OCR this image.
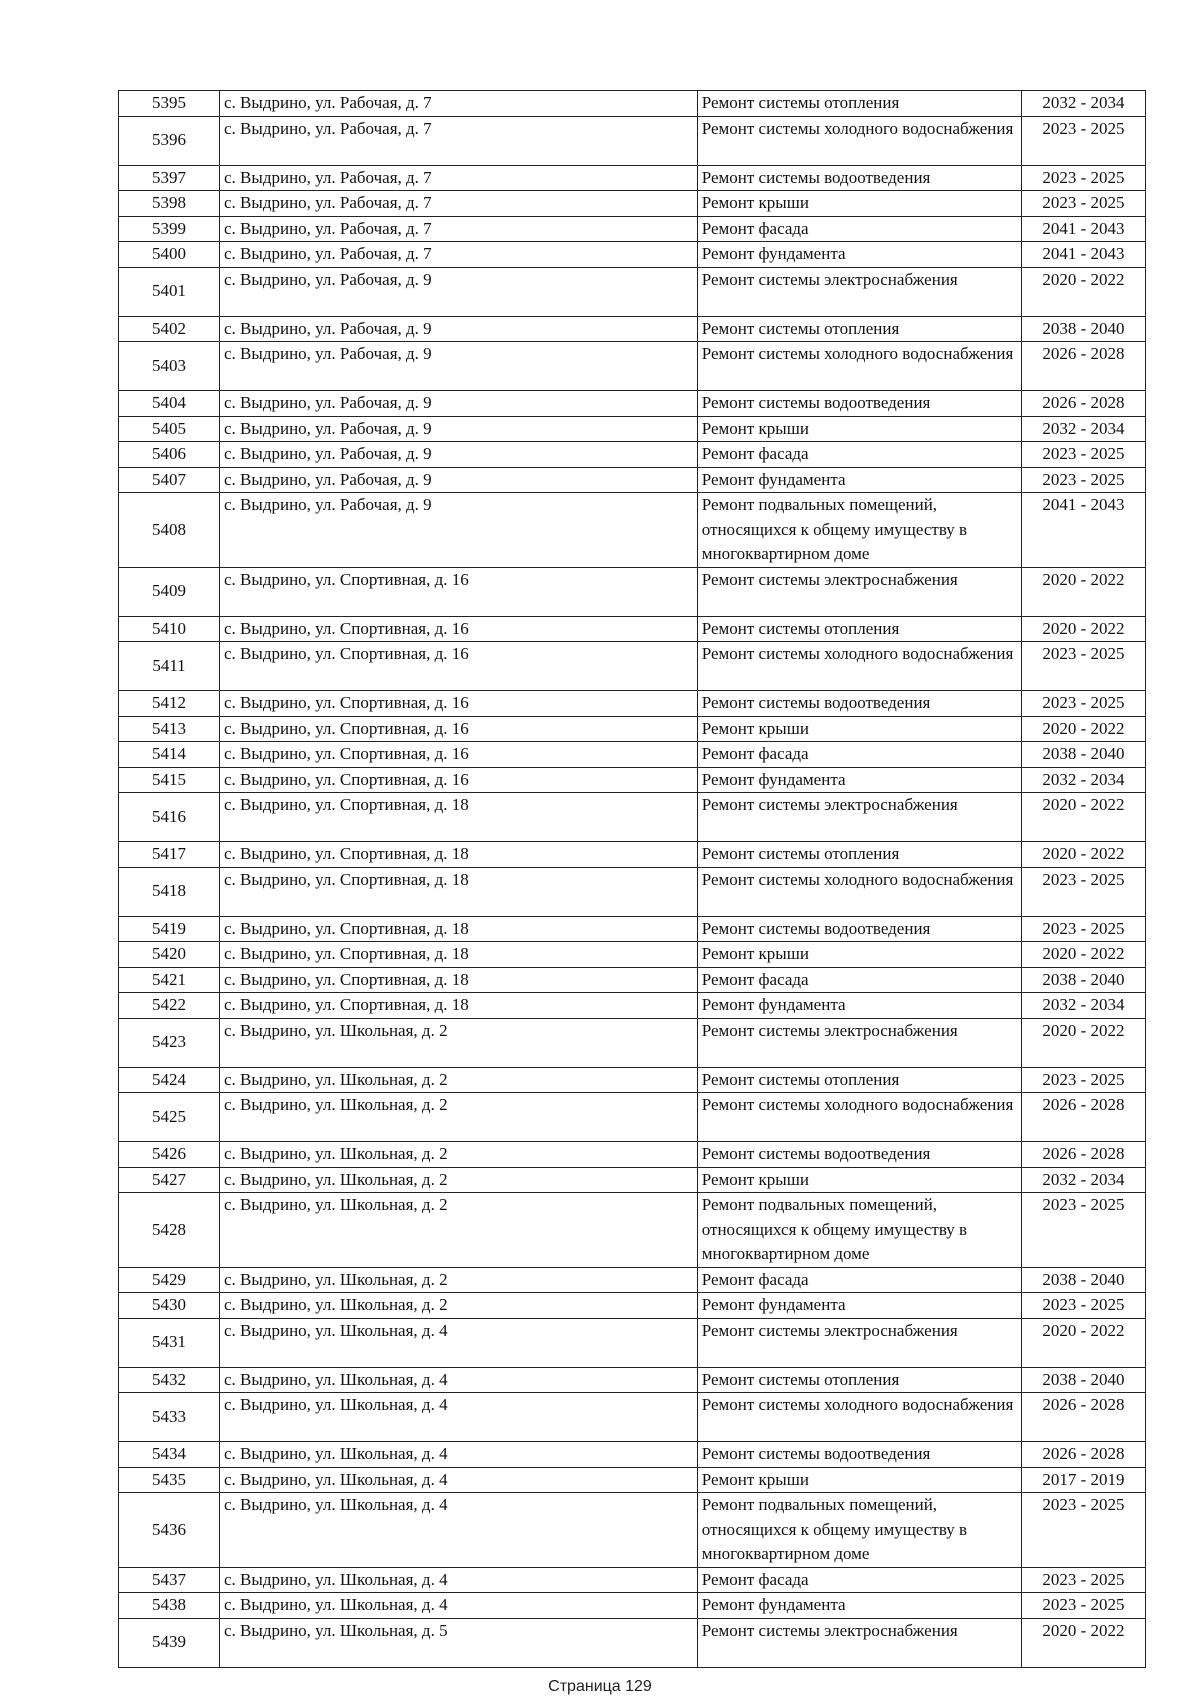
5395	с. Выдрино, ул. Рабочая, д. 7	Ремонт системы отопления	2032 - 2034
5396	с. Выдрино, ул. Рабочая, д. 7	Ремонт системы холодного водоснабжения	2023 - 2025
5397	с. Выдрино, ул. Рабочая, д. 7	Ремонт системы водоотведения	2023 - 2025
5398	с. Выдрино, ул. Рабочая, д. 7	Ремонт крыши	2023 - 2025
5399	с. Выдрино, ул. Рабочая, д. 7	Ремонт фасада	2041 - 2043
5400	с. Выдрино, ул. Рабочая, д. 7	Ремонт фундамента	2041 - 2043
5401	с. Выдрино, ул. Рабочая, д. 9	Ремонт системы электроснабжения	2020 - 2022
5402	с. Выдрино, ул. Рабочая, д. 9	Ремонт системы отопления	2038 - 2040
5403	с. Выдрино, ул. Рабочая, д. 9	Ремонт системы холодного водоснабжения	2026 - 2028
5404	с. Выдрино, ул. Рабочая, д. 9	Ремонт системы водоотведения	2026 - 2028
5405	с. Выдрино, ул. Рабочая, д. 9	Ремонт крыши	2032 - 2034
5406	с. Выдрино, ул. Рабочая, д. 9	Ремонт фасада	2023 - 2025
5407	с. Выдрино, ул. Рабочая, д. 9	Ремонт фундамента	2023 - 2025
5408	с. Выдрино, ул. Рабочая, д. 9	Ремонт подвальных помещений, относящихся к общему имуществу в многоквартирном доме	2041 - 2043
5409	с. Выдрино, ул. Спортивная, д. 16	Ремонт системы электроснабжения	2020 - 2022
5410	с. Выдрино, ул. Спортивная, д. 16	Ремонт системы отопления	2020 - 2022
5411	с. Выдрино, ул. Спортивная, д. 16	Ремонт системы холодного водоснабжения	2023 - 2025
5412	с. Выдрино, ул. Спортивная, д. 16	Ремонт системы водоотведения	2023 - 2025
5413	с. Выдрино, ул. Спортивная, д. 16	Ремонт крыши	2020 - 2022
5414	с. Выдрино, ул. Спортивная, д. 16	Ремонт фасада	2038 - 2040
5415	с. Выдрино, ул. Спортивная, д. 16	Ремонт фундамента	2032 - 2034
5416	с. Выдрино, ул. Спортивная, д. 18	Ремонт системы электроснабжения	2020 - 2022
5417	с. Выдрино, ул. Спортивная, д. 18	Ремонт системы отопления	2020 - 2022
5418	с. Выдрино, ул. Спортивная, д. 18	Ремонт системы холодного водоснабжения	2023 - 2025
5419	с. Выдрино, ул. Спортивная, д. 18	Ремонт системы водоотведения	2023 - 2025
5420	с. Выдрино, ул. Спортивная, д. 18	Ремонт крыши	2020 - 2022
5421	с. Выдрино, ул. Спортивная, д. 18	Ремонт фасада	2038 - 2040
5422	с. Выдрино, ул. Спортивная, д. 18	Ремонт фундамента	2032 - 2034
5423	с. Выдрино, ул. Школьная, д. 2	Ремонт системы электроснабжения	2020 - 2022
5424	с. Выдрино, ул. Школьная, д. 2	Ремонт системы отопления	2023 - 2025
5425	с. Выдрино, ул. Школьная, д. 2	Ремонт системы холодного водоснабжения	2026 - 2028
5426	с. Выдрино, ул. Школьная, д. 2	Ремонт системы водоотведения	2026 - 2028
5427	с. Выдрино, ул. Школьная, д. 2	Ремонт крыши	2032 - 2034
5428	с. Выдрино, ул. Школьная, д. 2	Ремонт подвальных помещений, относящихся к общему имуществу в многоквартирном доме	2023 - 2025
5429	с. Выдрино, ул. Школьная, д. 2	Ремонт фасада	2038 - 2040
5430	с. Выдрино, ул. Школьная, д. 2	Ремонт фундамента	2023 - 2025
5431	с. Выдрино, ул. Школьная, д. 4	Ремонт системы электроснабжения	2020 - 2022
5432	с. Выдрино, ул. Школьная, д. 4	Ремонт системы отопления	2038 - 2040
5433	с. Выдрино, ул. Школьная, д. 4	Ремонт системы холодного водоснабжения	2026 - 2028
5434	с. Выдрино, ул. Школьная, д. 4	Ремонт системы водоотведения	2026 - 2028
5435	с. Выдрино, ул. Школьная, д. 4	Ремонт крыши	2017 - 2019
5436	с. Выдрино, ул. Школьная, д. 4	Ремонт подвальных помещений, относящихся к общему имуществу в многоквартирном доме	2023 - 2025
5437	с. Выдрино, ул. Школьная, д. 4	Ремонт фасада	2023 - 2025
5438	с. Выдрино, ул. Школьная, д. 4	Ремонт фундамента	2023 - 2025
5439	с. Выдрино, ул. Школьная, д. 5	Ремонт системы электроснабжения	2020 - 2022
Страница 129
